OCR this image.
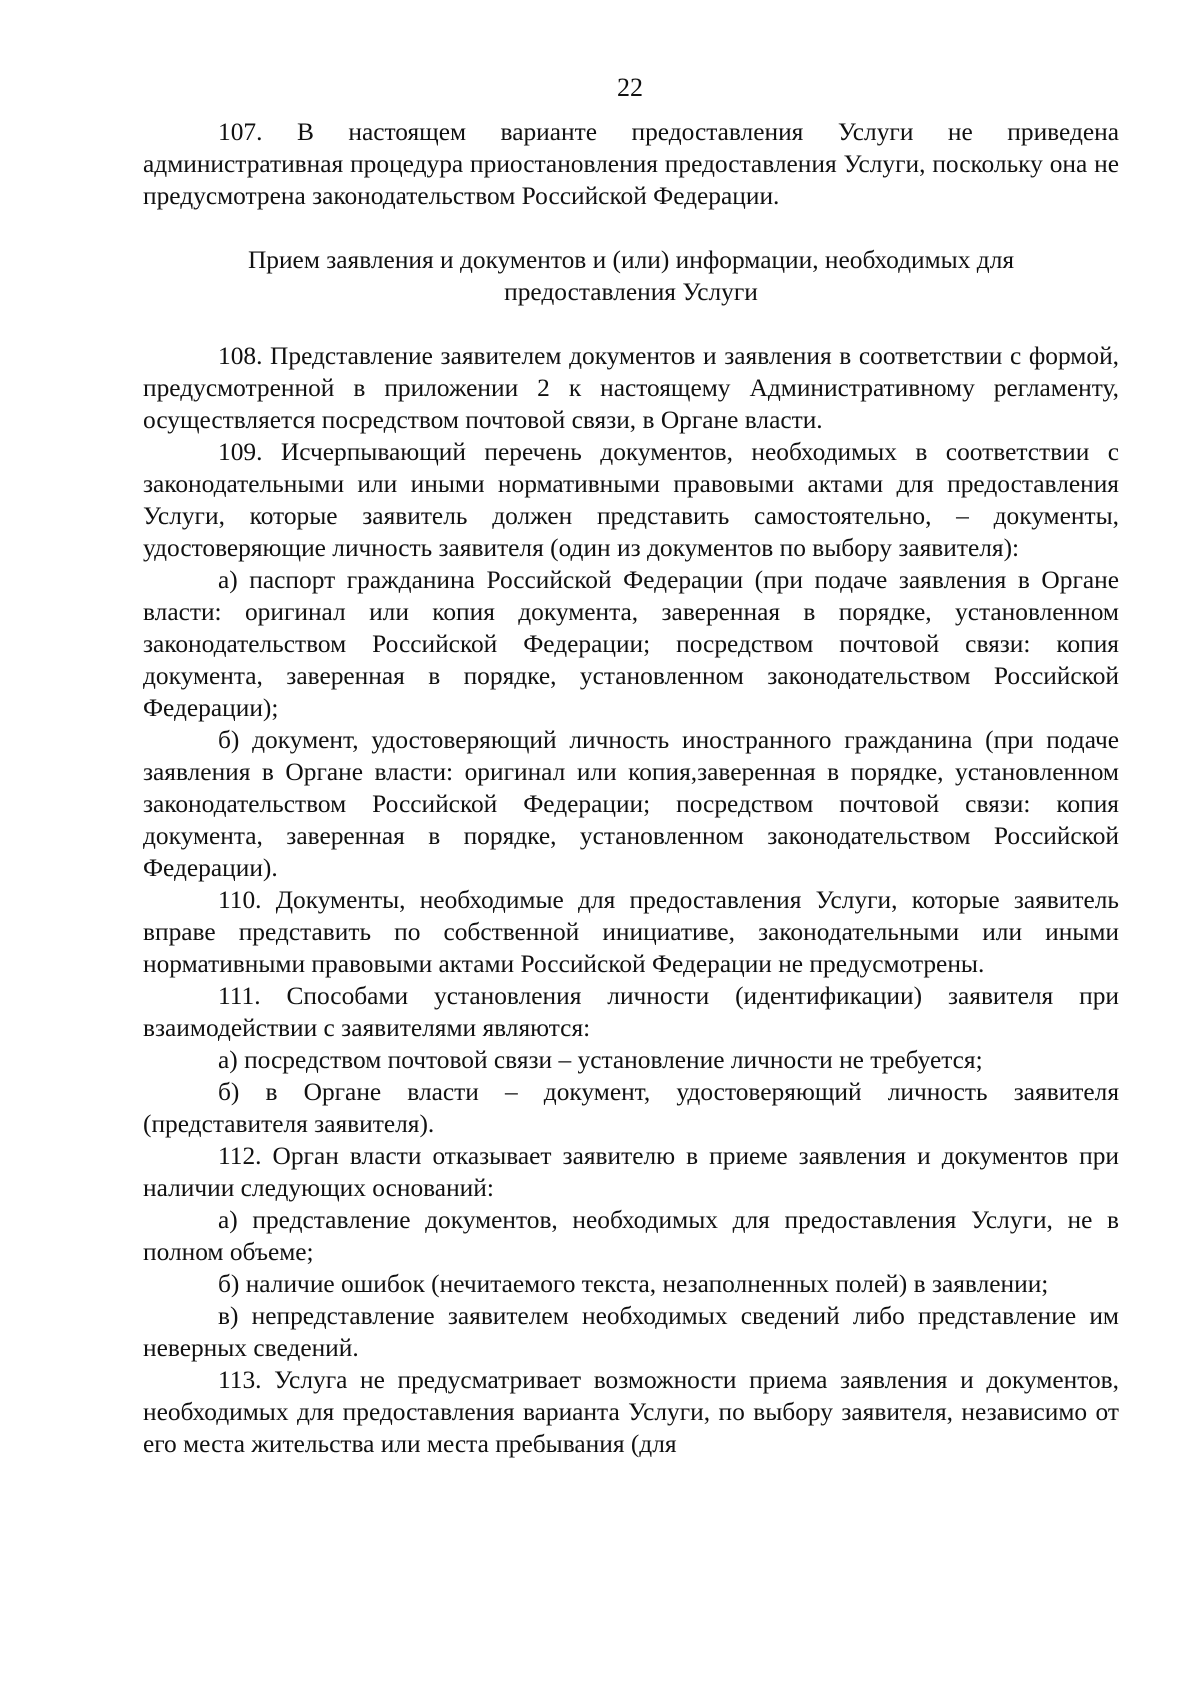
22

107. В настоящем варианте предоставления Услуги не приведена административная процедура приостановления предоставления Услуги, поскольку она не предусмотрена законодательством Российской Федерации.

Прием заявления и документов и (или) информации, необходимых для
предоставления Услуги

108. Представление заявителем документов и заявления в соответствии с формой, предусмотренной в приложении 2 к настоящему Административному регламенту, осуществляется посредством почтовой связи, в Органе власти.

109. Исчерпывающий перечень документов, необходимых в соответствии с законодательными или иными нормативными правовыми актами для предоставления Услуги, которые заявитель должен представить самостоятельно, – документы, удостоверяющие личность заявителя (один из документов по выбору заявителя):

а) паспорт гражданина Российской Федерации (при подаче заявления в Органе власти: оригинал или копия документа, заверенная в порядке, установленном законодательством Российской Федерации; посредством почтовой связи: копия документа, заверенная в порядке, установленном законодательством Российской Федерации);

б) документ, удостоверяющий личность иностранного гражданина (при подаче заявления в Органе власти: оригинал или копия,заверенная в порядке, установленном законодательством Российской Федерации; посредством почтовой связи: копия документа, заверенная в порядке, установленном законодательством Российской Федерации).

110. Документы, необходимые для предоставления Услуги, которые заявитель вправе представить по собственной инициативе, законодательными или иными нормативными правовыми актами Российской Федерации не предусмотрены.

111. Способами установления личности (идентификации) заявителя при взаимодействии с заявителями являются:

а) посредством почтовой связи – установление личности не требуется;

б) в Органе власти – документ, удостоверяющий личность заявителя (представителя заявителя).

112. Орган власти отказывает заявителю в приеме заявления и документов при наличии следующих оснований:

а) представление документов, необходимых для предоставления Услуги, не в полном объеме;

б) наличие ошибок (нечитаемого текста, незаполненных полей) в заявлении;

в) непредставление заявителем необходимых сведений либо представление им неверных сведений.

113. Услуга не предусматривает возможности приема заявления и документов, необходимых для предоставления варианта Услуги, по выбору заявителя, независимо от его места жительства или места пребывания (для
